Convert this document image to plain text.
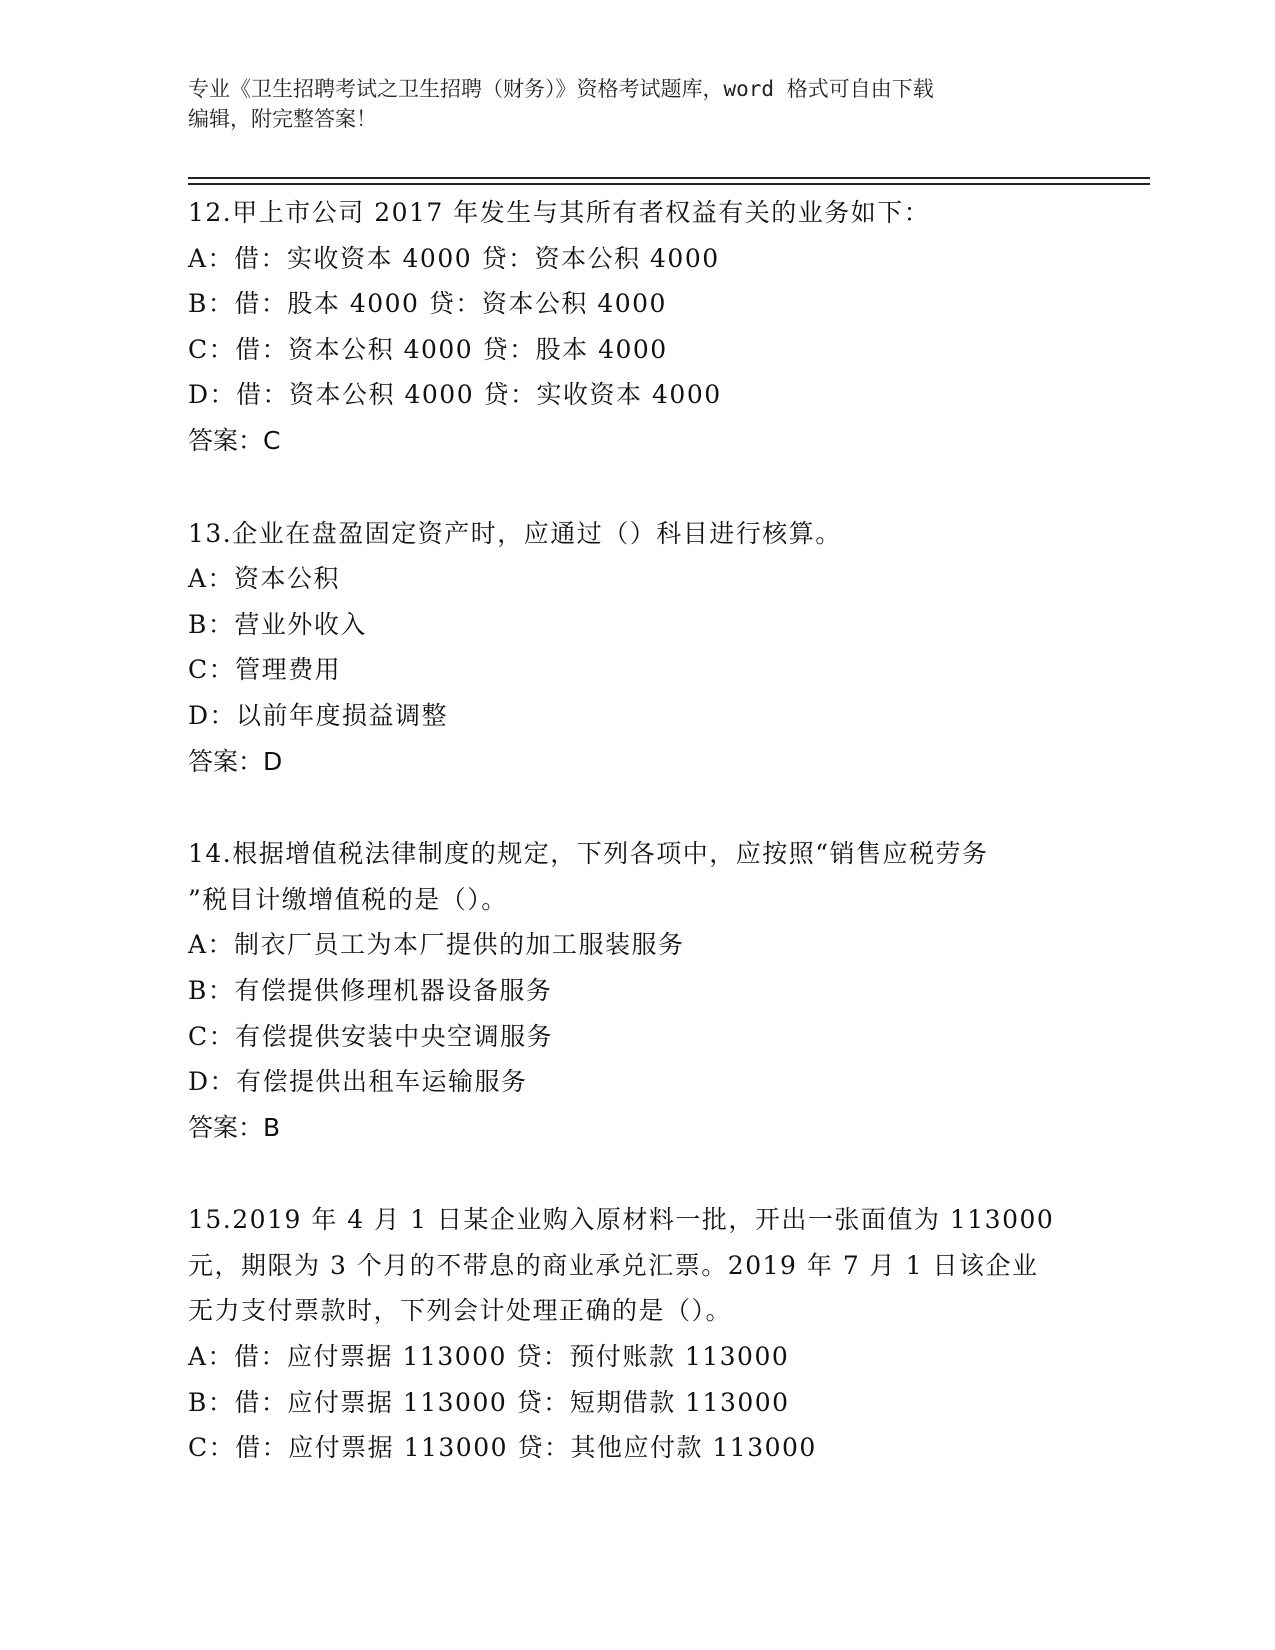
专业《卫生招聘考试之卫生招聘（财务）》资格考试题库，word 格式可自由下载
编辑，附完整答案！

12.甲上市公司 2017 年发生与其所有者权益有关的业务如下：

A：借：实收资本 4000 贷：资本公积 4000

B：借：股本 4000 贷：资本公积 4000

C：借：资本公积 4000 贷：股本 4000

D：借：资本公积 4000 贷：实收资本 4000

答案：C

13.企业在盘盈固定资产时，应通过（）科目进行核算。

A：资本公积

B：营业外收入

C：管理费用

D：以前年度损益调整

答案：D

14.根据增值税法律制度的规定，下列各项中，应按照“销售应税劳务
”税目计缴增值税的是（）。

A：制衣厂员工为本厂提供的加工服装服务

B：有偿提供修理机器设备服务

C：有偿提供安装中央空调服务

D：有偿提供出租车运输服务

答案：B

15.2019 年 4 月 1 日某企业购入原材料一批，开出一张面值为 113000
元，期限为 3 个月的不带息的商业承兑汇票。2019 年 7 月 1 日该企业
无力支付票款时，下列会计处理正确的是（）。

A：借：应付票据 113000 贷：预付账款 113000

B：借：应付票据 113000 贷：短期借款 113000

C：借：应付票据 113000 贷：其他应付款 113000
